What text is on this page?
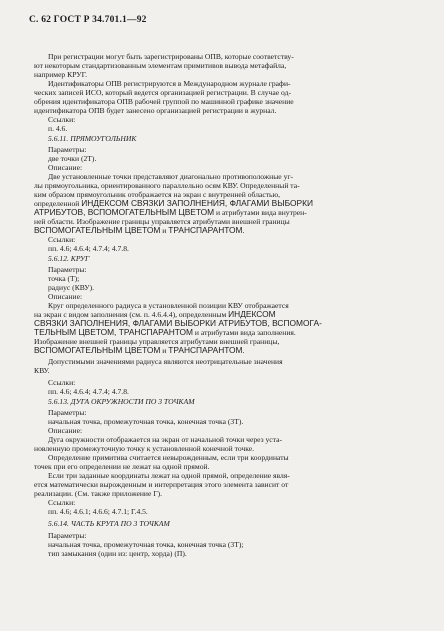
С. 62 ГОСТ Р 34.701.1—92
При регистрации могут быть зарегистрированы ОПВ, которые соответству-
ют некоторым стандартизованным элементам примитивов вывода метафайла,
например КРУГ.
Идентификаторы ОПВ регистрируются в Международном журнале графи-
ческих записей ИСО, который ведется организацией регистрации. В случае од-
обрения идентификатора ОПВ рабочей группой по машинной графике значение
идентификатора ОПВ будет занесено организацией регистрации в журнал.
Ссылки:
п. 4.6.
5.6.11. ПРЯМОУГОЛЬНИК
Параметры:
две точки (2Т).
Описание:
Две установленные точки представляют диагонально противоположные уг-
лы прямоугольника, ориентированного параллельно осям КВУ. Определенный та-
ким образом прямоугольник отображается на экран с внутренней областью,
определенной ИНДЕКСОМ СВЯЗКИ ЗАПОЛНЕНИЯ, ФЛАГАМИ ВЫБОРКИ
АТРИБУТОВ, ВСПОМОГАТЕЛЬНЫМ ЦВЕТОМ и атрибутами вида внутрен-
ней области. Изображение границы управляется атрибутами внешней границы
ВСПОМОГАТЕЛЬНЫМ ЦВЕТОМ и ТРАНСПАРАНТОМ.
Ссылки:
пп. 4.6; 4.6.4; 4.7.4; 4.7.8.
5.6.12. КРУГ
Параметры:
точка (Т);
радиус (КВУ).
Описание:
Круг определенного радиуса в установленной позиции КВУ отображается
на экран с видом заполнения (см. п. 4.6.4.4), определенным ИНДЕКСОМ
СВЯЗКИ ЗАПОЛНЕНИЯ, ФЛАГАМИ ВЫБОРКИ АТРИБУТОВ, ВСПОМОГА-
ТЕЛЬНЫМ ЦВЕТОМ, ТРАНСПАРАНТОМ и атрибутами вида заполнения.
Изображение внешней границы управляется атрибутами внешней границы,
ВСПОМОГАТЕЛЬНЫМ ЦВЕТОМ и ТРАНСПАРАНТОМ.
Допустимыми значениями радиуса являются неотрицательные значения
КВУ.
Ссылки:
пп. 4.6; 4.6.4; 4.7.4; 4.7.8.
5.6.13. ДУГА ОКРУЖНОСТИ ПО 3 ТОЧКАМ
Параметры:
начальная точка, промежуточная точка, конечная точка (3Т).
Описание:
Дуга окружности отображается на экран от начальной точки через уста-
новленную промежуточную точку к установленной конечной точке.
Определение примитива считается невырожденным, если три координаты
точек при его определении не лежат на одной прямой.
Если три заданные координаты лежат на одной прямой, определение явля-
ется математически вырожденным и интерпретация этого элемента зависит от
реализации. (См. также приложение Г).
Ссылки:
пп. 4.6; 4.6.1; 4.6.6; 4.7.1; Г.4.5.
5.6.14. ЧАСТЬ КРУГА ПО 3 ТОЧКАМ
Параметры:
начальная точка, промежуточная точка, конечная точка (3Т);
тип замыкания (один из: центр, хорда) (П).
